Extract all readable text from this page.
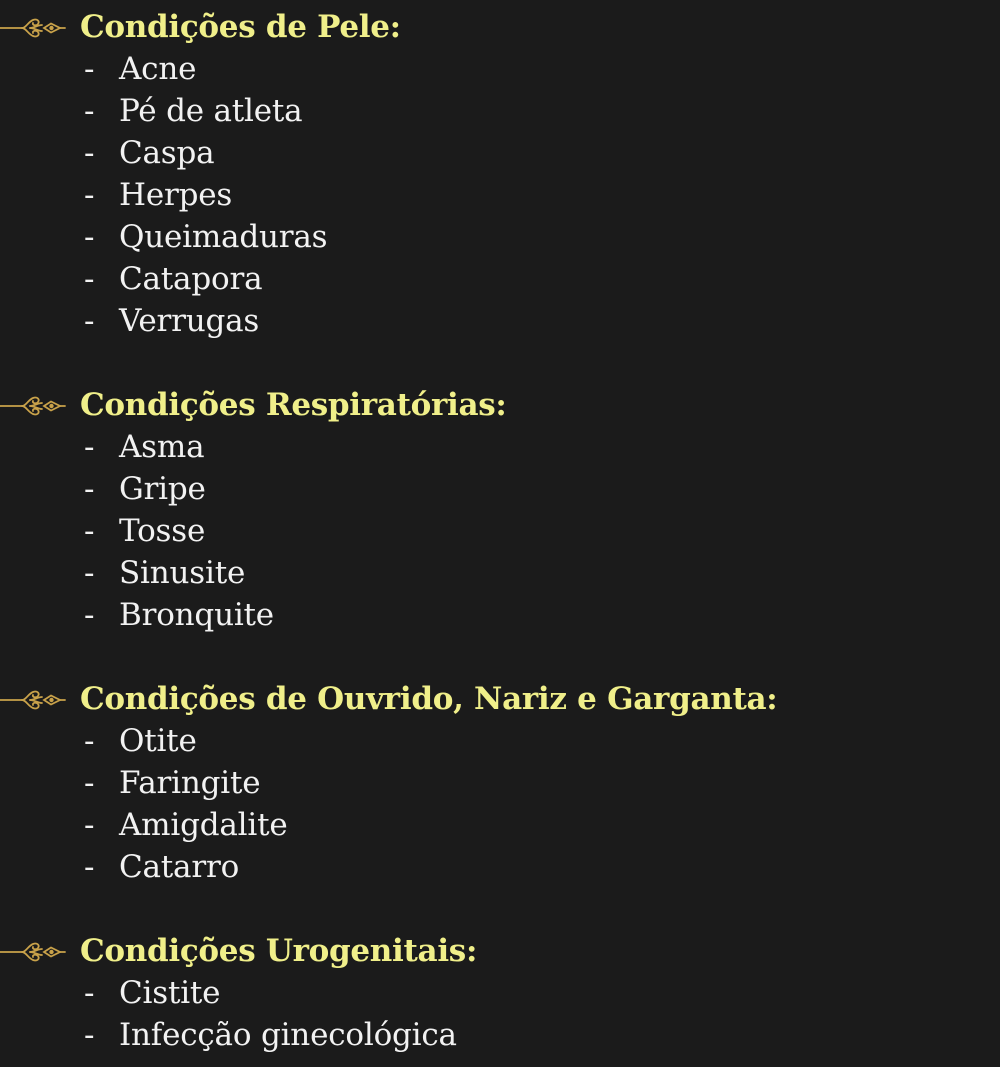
Condições de Pele:
- Acne
- Pé de atleta
- Caspa
- Herpes
- Queimaduras
- Catapora
- Verrugas
Condições Respiratórias:
- Asma
- Gripe
- Tosse
- Sinusite
- Bronquite
Condições de Ouvrido, Nariz e Garganta:
- Otite
- Faringite
- Amigdalite
- Catarro
Condições Urogenitais:
- Cistite
- Infecção ginecológica
